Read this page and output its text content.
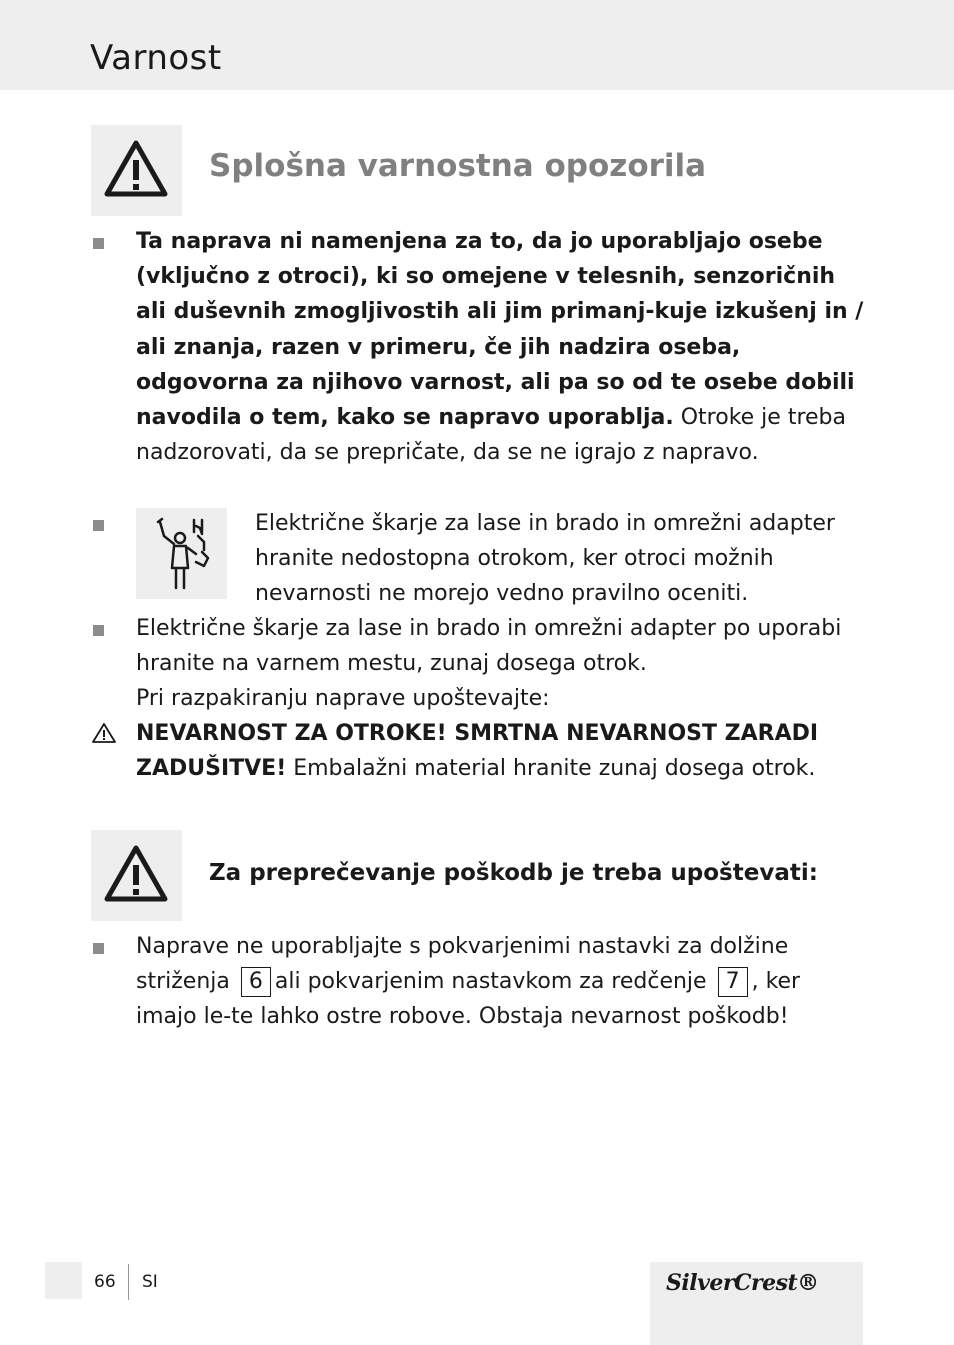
Varnost
Splošna varnostna opozorila
Ta naprava ni namenjena za to, da jo uporabljajo osebe (vključno z otroci), ki so omejene v telesnih, senzoričnih ali duševnih zmogljivostih ali jim primanj-kuje izkušenj in / ali znanja, razen v primeru, če jih nadzira oseba, odgovorna za njihovo varnost, ali pa so od te osebe dobili navodila o tem, kako se napravo uporablja. Otroke je treba nadzorovati, da se prepričate, da se ne igrajo z napravo.
Električne škarje za lase in brado in omrežni adapter hranite nedostopna otrokom, ker otroci možnih nevarnosti ne morejo vedno pravilno oceniti.
Električne škarje za lase in brado in omrežni adapter po uporabi hranite na varnem mestu, zunaj dosega otrok.
Pri razpakiranju naprave upoštevajte:
NEVARNOST ZA OTROKE! SMRTNA NEVARNOST ZARADI ZADUŠITVE! Embalažni material hranite zunaj dosega otrok.
Za preprečevanje poškodb je treba upoštevati:
Naprave ne uporabljajte s pokvarjenimi nastavki za dolžine striženja 6 ali pokvarjenim nastavkom za redčenje 7 , ker imajo le-te lahko ostre robove. Obstaja nevarnost poškodb!
66 SI	SilverCrest®
